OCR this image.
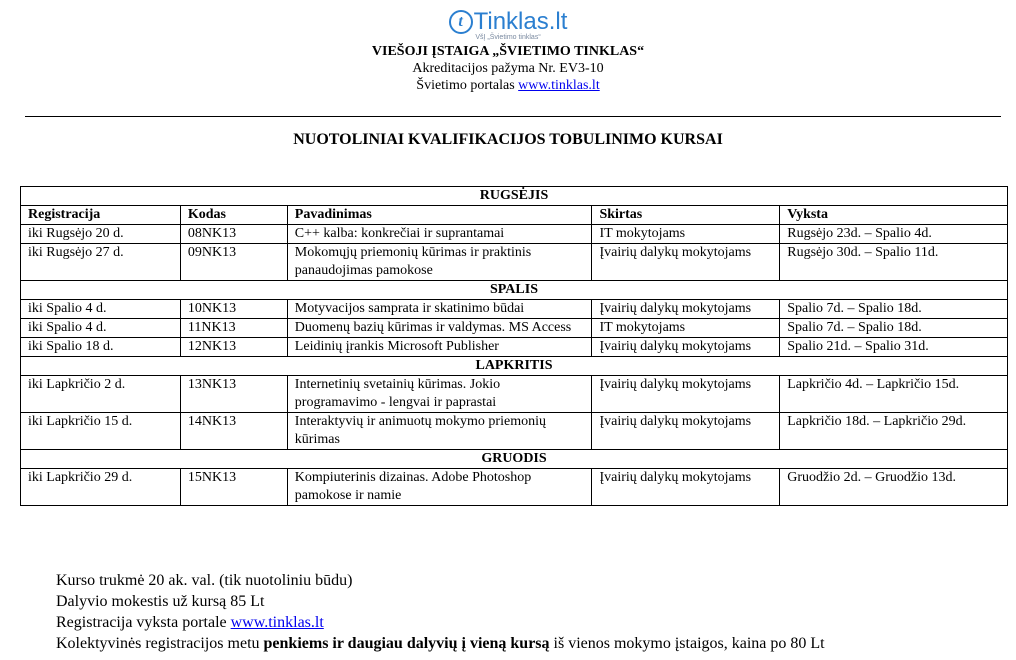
t Tinklas.lt
VšĮ „Švietimo tinklas“
VIEŠOJI ĮSTAIGA „ŠVIETIMO TINKLAS“
Akreditacijos pažyma Nr. EV3-10
Švietimo portalas www.tinklas.lt
NUOTOLINIAI KVALIFIKACIJOS TOBULINIMO KURSAI
RUGSĖJIS				
Registracija	Kodas	Pavadinimas	Skirtas	Vyksta
iki Rugsėjo 20 d.	08NK13	C++ kalba: konkrečiai ir suprantamai	IT mokytojams	Rugsėjo 23d. – Spalio 4d.
iki Rugsėjo 27 d.	09NK13	Mokomųjų priemonių kūrimas ir praktinis panaudojimas pamokose	Įvairių dalykų mokytojams	Rugsėjo 30d. – Spalio 11d.
SPALIS				
iki Spalio 4 d.	10NK13	Motyvacijos samprata ir skatinimo būdai	Įvairių dalykų mokytojams	Spalio 7d. – Spalio 18d.
iki Spalio 4 d.	11NK13	Duomenų bazių kūrimas ir valdymas. MS Access	IT mokytojams	Spalio 7d. – Spalio 18d.
iki Spalio 18 d.	12NK13	Leidinių įrankis Microsoft Publisher	Įvairių dalykų mokytojams	Spalio 21d. – Spalio 31d.
LAPKRITIS				
iki Lapkričio 2 d.	13NK13	Internetinių svetainių kūrimas. Jokio programavimo - lengvai ir paprastai	Įvairių dalykų mokytojams	Lapkričio 4d. – Lapkričio 15d.
iki Lapkričio 15 d.	14NK13	Interaktyvių ir animuotų mokymo priemonių kūrimas	Įvairių dalykų mokytojams	Lapkričio 18d. – Lapkričio 29d.
GRUODIS				
iki Lapkričio 29 d.	15NK13	Kompiuterinis dizainas. Adobe Photoshop pamokose ir namie	Įvairių dalykų mokytojams	Gruodžio 2d. – Gruodžio 13d.
Kurso trukmė 20 ak. val. (tik nuotoliniu būdu)
Dalyvio mokestis už kursą 85 Lt
Registracija vyksta portale www.tinklas.lt
Kolektyvinės registracijos metu penkiems ir daugiau dalyvių į vieną kursą iš vienos mokymo įstaigos, kaina po 80 Lt
